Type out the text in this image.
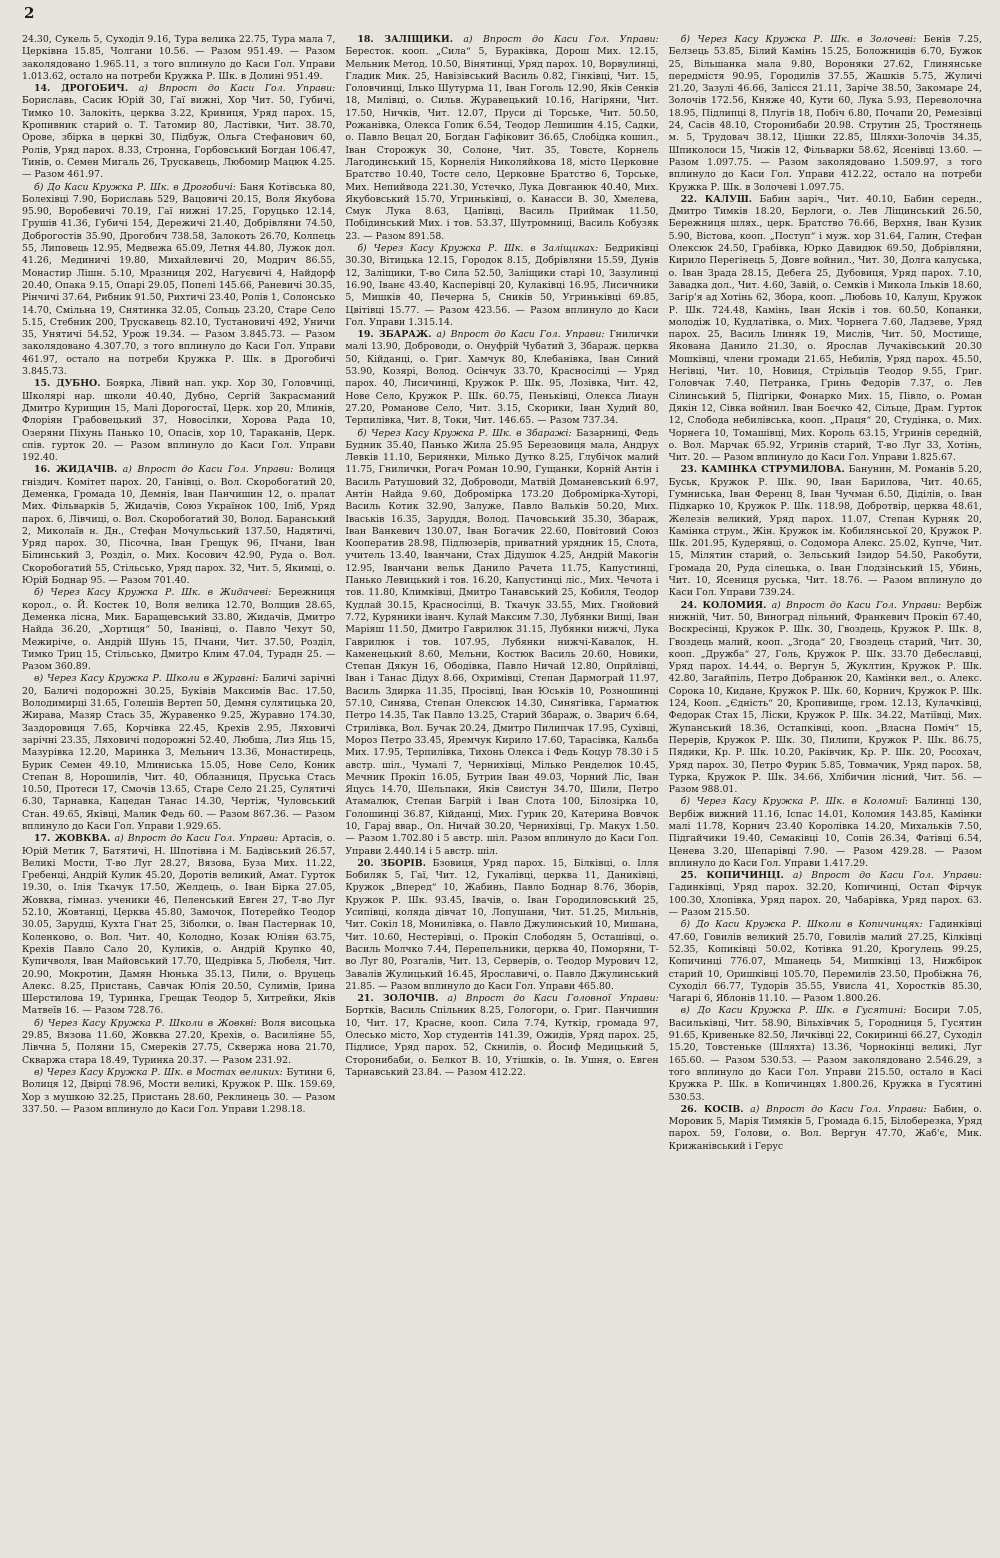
2

24.30, Сукель 5, Суходіл 9.16, Тура велика 22.75, Тура мала 7, Церківна 15.85, Чолгани 10.56. — Разом 951.49. — Разом заколядовано 1.965.11, з того вплинуло до Каси Гол. Управи 1.013.62, остало на потреби Кружка Р. Шк. в Долині 951.49.

14. ДРОГОБИЧ. а) Впрост до Каси Гол. Управи: Бориславь, Сасик Юрій 30, Гаї вижні, Хор Чит. 50, Губичі, Тимко 10. Залокіть, церква 3.22, Криниця, Уряд парох. 15, Кропивник старий о. Т. Татомир 80, Ластівки, Чит. 38.70, Орове, збірка в церкві 30, Підбуж, Ольга Стефанович 60, Ролів, Уряд парох. 8.33, Стронна, Горбовський Богдан 106.47, Тинів, о. Семен Мигаль 26, Трускавець, Любомир Мацюк 4.25. — Разом 461.97.

б) До Каси Кружка Р. Шк. в Дрогобичі: Баня Котівська 80, Болехівці 7.90, Бориславь 529, Вацовичі 20.15, Воля Якубова 95.90, Воробевичі 70.19, Гаї нижні 17.25, Горуцько 12.14, Грушів 41.36, Губичі 154, Дережичі 21.40, Добрівляни 74.50, Доброгостів 35.90, Дрогобич 738.58, Залокоть 26.70, Колпець 55, Липовець 12.95, Медвежа 65.09, Летня 44.80, Лужок дол. 41.26, Мединичі 19.80, Михайлевичі 20, Модрич 86.55, Монастир Лішн. 5.10, Мразниця 202, Нагуєвичі 4, Найдорф 20.40, Опака 9.15, Опарі 29.05, Попелі 145.66, Раневичі 30.35, Рінчичі 37.64, Рибник 91.50, Рихтичі 23.40, Ролів 1, Солонсько 14.70, Смільна 19, Снятинка 32.05, Сольць 23.20, Старе Село 5.15, Стебник 200, Трускавець 82.10, Тустановичі 492, Уничи 35, Унятичі 54.52, Урож 19.34. — Разом 3.845.73. — Разом заколядовано 4.307.70, з того вплинуло до Каси Гол. Управи 461.97, остало на потреби Кружка Р. Шк. в Дрогобичі 3.845.73.

15. ДУБНО. Бояркa, Лівий нап. укр. Хор 30, Головчиці, Школярі нар. школи 40.40, Дубно, Сергій Закрасманий Дмитро Курищин 15, Малі Дорогостаї, Церк. хор 20, Млинів, Флоріян Грабовецький 37, Новосілки, Хорова Рада 10, Озеряни Піхунь Панько 10, Опасів, хор 10, Тараканів, Церк. спів. гурток 20. — Разом вплинуло до Каси Гол. Управи 192.40.

16. ЖИДАЧІВ. а) Впрост до Каси Гол. Управи: Волиця гніздич. Комітет парох. 20, Ганівці, о. Вол. Скоробогатий 20, Деменка, Громада 10, Демнія, Іван Панчишин 12, о. пралат Мих. Фільварків 5, Жидачів, Союз Українок 100, Іліб, Уряд парох. 6, Лівчиці, о. Вол. Скоробогатий 30, Волод. Баранський 2, Миколаїв н. Дн., Стефан Мочульський 137.50, Надятичі, Уряд парох. 30, Пісочна, Іван Грещук 96, Пчани, Іван Білинський 3, Розділ, о. Мих. Косович 42.90, Руда о. Вол. Скоробогатий 55, Стільсько, Уряд парох. 32, Чит. 5, Якимці, о. Юрій Боднар 95. — Разом 701.40.

б) Через Касу Кружка Р. Шк. в Жидачеві: Бережниця корол., о. Й. Костек 10, Воля велика 12.70, Волщив 28.65, Деменка лісна, Мик. Баращевський 33.80, Жидачів, Дмитро Найда 36.20, „Хортиця“ 50, Іванівці, о. Павло Чехут 50, Межиріче, о. Андрій Шунь 15, Пчани, Чит. 37.50, Розділ, Тимко Триц 15, Стільсько, Дмитро Клим 47.04, Турадн 25. — Разом 360.89.

в) Через Касу Кружка Р. Школи в Журавні: Баличі зарічні 20, Баличі подорожні 30.25, Буківів Максимів Вас. 17.50, Володимирці 31.65, Голешів Вертеп 50, Демня сулятицька 20, Жирава, Мазяр Стась 35, Журавенко 9.25, Журавно 174.30, Заздоровиця 7.65, Корчівка 22.45, Крехів 2.95, Ляховичі зарічні 23.35, Ляховичі подорожні 52.40, Любша, Лиз Яць 15, Мазурівка 12.20, Маринка 3, Мельнич 13.36, Монастирець, Бурик Семен 49.10, Млиниська 15.05, Нове Село, Коник Степан 8, Норошилів, Чит. 40, Облазниця, Пруська Стась 10.50, Протеси 17, Смочів 13.65, Старе Село 21.25, Сулятичі 6.30, Тарнавка, Кацедан Танас 14.30, Чертіж, Чуловський Стан. 49.65, Яківці, Малик Федь 60. — Разом 867.36. — Разом вплинуло до Каси Гол. Управи 1.929.65.

17. ЖОВКВА. а) Впрост до Каси Гол. Управи: Артасів, о. Юрій Метик 7, Батятичі, Н. Шпотівна і М. Бадівський 26.57, Великі Мости, Т-во Луг 28.27, Вязова, Буза Мих. 11.22, Гребенці, Андрій Кулик 45.20, Доротів великий, Амат. Гуртoк 19.30, о. Ілія Ткачук 17.50, Желдець, о. Іван Бірка 27.05, Жовква, гімназ. ученики 46, Пеленський Евген 27, Т-во Луг 52.10, Жовтанці, Церква 45.80, Замочок, Потерейко Теодор 30.05, Зарудці, Кухта Гнат 25, Зіболки, о. Іван Пастернак 10, Коленково, о. Вол. Чит. 40, Колодно, Козак Юліян 63.75, Крехів Павло Сало 20, Куликів, о. Андрій Крупко 40, Купичволя, Іван Майовський 17.70, Щедрівка 5, Любеля, Чит. 20.90, Мокротин, Дамян Нюнька 35.13, Пили, о. Вруцець Алекс. 8.25, Пристань, Савчак Юлія 20.50, Сулимів, Ірина Шерстилова 19, Туринка, Грещак Теодор 5, Хитрейки, Яків Матвеїв 16. — Разом 728.76.

б) Через Касу Кружка Р. Школи в Жовкві: Воля висоцька 29.85, Вязова 11.60, Жовква 27.20, Крехів, о. Василіяне 55, Лівчна 5, Поляни 15, Смереків 27.75, Сквержа нова 21.70, Скваржа стара 18.49, Туринка 20.37. — Разом 231.92.

в) Через Касу Кружка Р. Шк. в Мостах великих: Бутини 6, Волиця 12, Двірці 78.96, Мости великі, Кружок Р. Шк. 159.69, Хор з мушкою 32.25, Пристань 28.60, Реклинець 30. — Разом 337.50. — Разом вплинуло до Каси Гол. Управи 1.298.18.

18. ЗАЛІЩИКИ. а) Впрост до Каси Гол. Управи: Бересток. коoп. „Сила“ 5, Бураківка, Дорош Мих. 12.15, Мельник Метод. 10.50, Вінятинці, Уряд парох. 10, Ворвулинці, Гладик Мик. 25, Навізівський Василь 0.82, Гінківці, Чит. 15, Головчинці, Ілько Шутурма 11, Іван Гоголь 12.90, Яків Сенків 18, Милівці, о. Сильв. Журавецький 10.16, Нагіряни, Чит. 17.50, Ничків, Чит. 12.07, Пруси ді Торське, Чит. 50.50, Рожанівка, Олекса Голик 6.54, Теодор Лешишин 4.15, Садки, о. Павло Вецал 20, Богдан Гафіковит 36.65, Слобідка кошил., Іван Сторожук 30, Солоне, Чит. 35, Товсте, Корнель Лагодинський 15, Корнелія Николяйкова 18, місто Церковне Братство 10.40, Тосте село, Церковне Братство 6, Торське, Мих. Непийвода 221.30, Устечко, Лука Довганюк 40.40, Мих. Якубовський 15.70, Угриньківці, о. Канасси В. 30, Хмелева, Смук Лука 8.63, Цапівці, Василь Приймак 11.50, Побідинський Мих. і тов. 53.37, Шутромниці, Василь Кобузяк 23. — Разом 891.58.

б) Через Касу Кружка Р. Шк. в Заліщиках: Бедриківці 30.30, Вітицька 12.15, Городок 8.15, Добрівляни 15.59, Дунів 12, Заліщики, Т-во Сила 52.50, Заліщики старі 10, Зазулинці 16.90, Іванє 43.40, Касперівці 20, Кулаківці 16.95, Лисичники 5, Мишків 40, Печерна 5, Сників 50, Угриньківці 69.85, Цвітівці 15.77. — Разом 423.56. — Разом вплинуло до Каси Гол. Управи 1.315.14.

19. ЗБАРАЖ. а) Впрост до Каси Гол. Управи: Гнилички малі 13.90, Доброводи, о. Онуфрій Чубатий 3, Збараж. церква 50, Кійданці, о. Григ. Хамчук 80, Клебанівка, Іван Синий 53.90, Козярі, Волод. Осінчук 33.70, Красносілці — Уряд парох. 40, Лисичинці, Кружок Р. Шк. 95, Лозівка, Чит. 42, Нове Село, Кружок Р. Шк. 60.75, Пеньківці, Олекса Лиaун 27.20, Романове Село, Чит. 3.15, Скорики, Іван Худий 80, Терпилівка, Чит. 8, Токи, Чит. 146.65. — Разом 737.34.

б) Через Касу Кружка Р. Шк. в Збаражі: Базарниці, Федь Будник 35.40, Панько Жила 25.95 Березовиця мала, Андрух Левків 11.10, Бериянки, Мілько Дутко 8.25, Глубічок малий 11.75, Гнилички, Рогач Роман 10.90, Гущанки, Корній Антін і Василь Ратушовий 32, Доброводи, Матвій Доманевський 6.97, Антін Найда 9.60, Добромірка 173.20 Добромірка-Хуторі, Василь Котик 32.90, Залужe, Павло Вальків 50.20, Мих. Іваськів 16.35, Заруддя, Волод. Пачовський 35.30, Збараж, Іван Ванкевич 130.07, Іван Богачик 22.60, Повітовий Союз Кооператив 28.98, Підлюзерів, приватний урядник 15, Слота, учитель 13.40, Іванчани, Стах Дідушок 4.25, Андрій Макогін 12.95, Іванчани вельк Данило Рачета 11.75, Капустинці, Панько Левицький і тов. 16.20, Капустинці ліс., Мих. Чечота і тов. 11.80, Климківці, Дмитро Танавський 25, Кобиля, Теодор Кудлай 30.15, Красносілці, В. Ткачук 33.55, Мих. Гнойовий 7.72, Куряники іванч. Кулай Максим 7.30, Лубянки Вищі, Іван Маріяш 11.50, Дмитро Гаврилюк 31.15, Лубянки нижчі, Лука Гаврилюк і тов. 107.95, Лубянки нижчі-Кавалок, Н. Каменецький 8.60, Мельни, Костюк Василь 20.60, Новики, Степан Дякун 16, Ободівка, Павло Ничай 12.80, Опрйлівці, Іван і Танас Дідух 8.66, Охримівці, Степан Дармограй 11.97, Василь Здирка 11.35, Просівці, Іван Юськів 10, Розношинці 57.10, Синява, Степан Олексюк 14.30, Синягівка, Гарматюк Петро 14.35, Так Павло 13.25, Старий Збараж, о. Зварич 6.64, Стрилівка, Вол. Бучак 20.24, Дмитро Пилипчак 17.95, Сухівці, Мороз Петро 33.45, Яремчук Кирило 17.60, Тарасівка, Кальба Мих. 17.95, Терпилівка, Тихонь Олекса і Федь Коцур 78.30 і 5 австр. шіл., Чумалі 7, Черниxівці, Мілько Ренделюк 10.45, Мечник Прокіп 16.05, Бутрин Іван 49.03, Чорний Ліс, Іван Яцусь 14.70, Шельпаки, Яків Свистун 34.70, Шили, Петро Атамалюк, Степан Багрій і Іван Слота 100, Білозірка 10, Голошинці 36.87, Кійданці, Мих. Гурик 20, Катерина Вовчок 10, Гараj ввар., Ол. Ничай 30.20, Чернихівці, Гр. Макух 1.50. — Разом 1.702.80 і 5 австр. шіл. Разом вплинуло до Каси Гол. Управи 2.440.14 і 5 австр. шіл.

20. ЗБОРІВ. Бзовиця, Уряд парох. 15, Білківці, о. Ілля Бобиляк 5, Гаї, Чит. 12, Гукалівці, церква 11, Даниківці, Кружок „Вперед“ 10, Жабинь, Павло Боднар 8.76, Зборів, Кружок Р. Шк. 93.45, Івачів, о. Іван Городиловський 25, Усипівці, коляда дівчат 10, Лопушани, Чит. 51.25, Мильнів, Чит. Сокіл 18, Монилівка, о. Павло Джулинський 10, Мишана, Чит. 10.60, Нестерівці, о. Прокіп Слободян 5, Осташівці, о. Василь Молчко 7.44, Перепельники, церква 40, Поморяни, Т-во Луг 80, Розгалів, Чит. 13, Серверів, о. Теодор Мурович 12, Завалів Жулицький 16.45, Ярославичі, о. Павло Джулинський 21.85. — Разом вплинуло до Каси Гол. Управи 465.80.

21. ЗОЛОЧІВ. а) Впрост до Каси Головної Управи: Бортків, Василь Спільник 8.25, Гологори, о. Григ. Панчишин 10, Чит. 17, Красне, коoп. Сила 7.74, Куткір, громада 97, Олесько місто, Хор студентів 141.39, Ожидів, Уряд парох. 25, Підлисе, Уряд парох. 52, Скнилів, о. Йосиф Медицький 5, Сторонибаби, о. Белкот В. 10, Утішків, о. Ів. Ушня, о. Евген Тарнавський 23.84. — Разом 412.22.

б) Через Касу Кружка Р. Шк. в Золочеві: Бенів 7.25, Белзець 53.85, Білий Камінь 15.25, Боложниців 6.70, Бужок 25, Вільшанка мала 9.80, Вороняки 27.62, Глинянське передмістя 90.95, Городилів 37.55, Жашків 5.75, Жуличі 21.20, Зазулі 46.66, Залісся 21.11, Заріче 38.50, Закомаре 24, Золочів 172.56, Княже 40, Кути 60, Лука 5.93, Переволочна 18.95, Підлипці 8, Плугів 18, Побіч 6.80, Почапи 20, Ремезівці 24, Сасів 48.10, Сторонибаби 20.98. Струтин 25, Тростянець м. 5, Трудовач 38.12, Цішки 22.85, Шляхи-Золочів 34.35, Шпиколоси 15, Чижів 12, Фільварки 58.62, Ясенівці 13.60. — Разом 1.097.75. — Разом заколядовано 1.509.97, з того вплинуло до Каси Гол. Управи 412.22, остало на потреби Кружка Р. Шк. в Золочеві 1.097.75.

22. КАЛУШ. Бабин заріч., Чит. 40.10, Бабин середн., Дмитро Тимків 18.20, Берлоги, о. Лев Ліщинський 26.50, Бережниця шлях., церк. Братство 76.66, Верхня, Іван Кузик 5.90, Вістова, коoп. „Поступ“ і муж. хор 31.64, Галин, Стефан Олексюк 24.50, Грабівка, Юрко Давидюк 69.50, Добрівляни, Кирило Перегінець 5, Довге войнил., Чит. 30, Долга калуська, о. Іван Зрада 28.15, Дебега 25, Дубовиця, Уряд парох. 7.10, Завадка дол., Чит. 4.60, Завій, о. Семків і Микола Ількiв 18.60, Загір'я ад Хотінь 62, Збора, коoп. „Любовь 10, Калуш, Кружок Р. Шк. 724.48, Камінь, Іван Ясків і тов. 60.50, Копанки, молодіж 10, Кудлатівка, о. Мих. Чорнега 7.60, Ладзеве, Уряд парох. 25, Василь Ілиняк 19, Мислів, Чит. 50, Мостище, Якована Данило 21.30, о. Ярослав Лучаківський 20.30 Мошківці, члени громади 21.65, Небилів, Уряд парох. 45.50, Негівці, Чит. 10, Новиця, Стрільців Теодор 9.55, Григ. Головчак 7.40, Петранка, Гринь Федорів 7.37, о. Лев Сілинський 5, Підгірки, Фонарко Мих. 15, Півло, о. Роман Дякін 12, Сівка войнил. Іван Боєчко 42, Сільце, Драм. Гуртoк 12, Слобода небилівська, коoп. „Праця“ 20, Студінка, о. Мих. Чорнега 10, Томашівці, Мих. Король 63.15, Угринів середній, о. Вол. Марчак 65.92, Угринів старий, Т-во Луг 33, Хотінь, Чит. 20. — Разом вплинуло до Каси Гол. Управи 1.825.67.

23. КАМІНКА СТРУМИЛОВА. Банунин, М. Романів 5.20, Буськ, Кружок Р. Шк. 90, Іван Барилова, Чит. 40.65, Гумниська, Іван Ференц 8, Іван Чучман 6.50, Діділів, о. Іван Підкарко 10, Кружок Р. Шк. 118.98, Добротвір, церква 48.61, Железів великий, Уряд парох. 11.07, Степан Курняк 20, Камінка струм., Жін. Кружок ім. Кобилянської 20, Кружок Р. Шк. 201.95, Кудерявці, о. Содомора Алекс. 25.02, Купче, Чит. 15, Мілятин старий, о. Зельський Ізидор 54.50, Ракобути, Громада 20, Руда сілецька, о. Іван Глодзінський 15, Убинь, Чит. 10, Ясениця руська, Чит. 18.76. — Разом вплинуло до Каси Гол. Управи 739.24.

24. КОЛОМИЯ. а) Впрост до Каси Гол. Управи: Вербіж нижній, Чит. 50, Виноград пільний, Франкевич Прокіп 67.40, Воскресінці, Кружок Р. Шк. 30, Гвоздець, Кружок Р. Шк. 8, Гвоздець малий, коoп. „Згода“ 20, Гвоздець старий, Чит. 30, коoп. „Дружба“ 27, Голь, Кружок Р. Шк. 33.70 Дебеславці, Уряд парох. 14.44, о. Вергун 5, Жуклтин, Кружок Р. Шк. 42.80, Загайпіль, Петро Добранюк 20, Камінки вел., о. Алекс. Сорока 10, Кидане, Кружок Р. Шк. 60, Корнич, Кружок Р. Шк. 124, Коoп. „Єдність“ 20, Кропивище, гром. 12.13, Кулачківці, Федорак Стах 15, Ліски, Кружок Р. Шк. 34.22, Матіївці, Мих. Жупанський 18.36, Остапківці, коoп. „Власна Поміч“ 15, Перерів, Кружок Р. Шк. 30, Пилипи, Кружок Р. Шк. 86.75, Пядики, Кр. Р. Шк. 10.20, Раківчик, Кр. Р. Шк. 20, Росохач, Уряд парох. 30, Петро Фурик 5.85, Товмачик, Уряд парох. 58, Турка, Кружок Р. Шк. 34.66, Хлібичин лісний, Чит. 56. — Разом 988.01.

б) Через Касу Кружка Р. Шк. в Коломиї: Балинці 130, Вербіж вижний 11.16, Іспас 14.01, Коломия 143.85, Камінки малі 11.78, Корнич 23.40 Королівка 14.20, Михальків 7.50, Підгайчики 19.40, Семаківці 10, Сопів 26.34, Фатівці 6.54, Ценева 3.20, Шепарівці 7.90. — Разом 429.28. — Разом вплинуло до Каси Гол. Управи 1.417.29.

25. КОПИЧИНЦІ. а) Впрост до Каси Гол. Управи: Гадинківці, Уряд парох. 32.20, Копичинці, Остап Фірчук 100.30, Хлопівка, Уряд парох. 20, Чабарівка, Уряд парох. 63. — Разом 215.50.

б) До Каси Кружка Р. Школи в Копичинцях: Гадинківці 47.60, Говилів великий 25.70, Говилів малий 27.25, Кілківці 52.35, Копиківці 50.02, Котівка 91.20, Крогулець 99.25, Копичинці 776.07, Мшанець 54, Мишківці 13, Нижбірок старий 10, Оришківці 105.70, Перемилів 23.50, Пробіжна 76, Суходіл 66.77, Тудорів 35.55, Увисла 41, Хоростків 85.30, Чагарі 6, Яблонів 11.10. — Разом 1.800.26.

в) До Каси Кружка Р. Шк. в Гусятині: Босири 7.05, Васильківці, Чит. 58.90, Вільхівчик 5, Городниця 5, Гусятин 91.65, Кривеньке 82.50, Личківці 22, Сокиринці 66.27, Суходіл 15.20, Товстеньке (Шляхта) 13.36, Чорнокінці великі, Луг 165.60. — Разом 530.53. — Разом заколядовано 2.546.29, з того вплинуло до Каси Гол. Управи 215.50, остало в Касі Кружка Р. Шк. в Копичинцях 1.800.26, Кружка в Гусятині 530.53.

26. КОСІВ. а) Впрост до Каси Гол. Управи: Бабин, о. Моровик 5, Марія Тимяків 5, Громада 6.15, Білоберезка, Уряд парох. 59, Голови, о. Вол. Вергун 47.70, Жаб'є, Мик. Крижанівський і Герус
